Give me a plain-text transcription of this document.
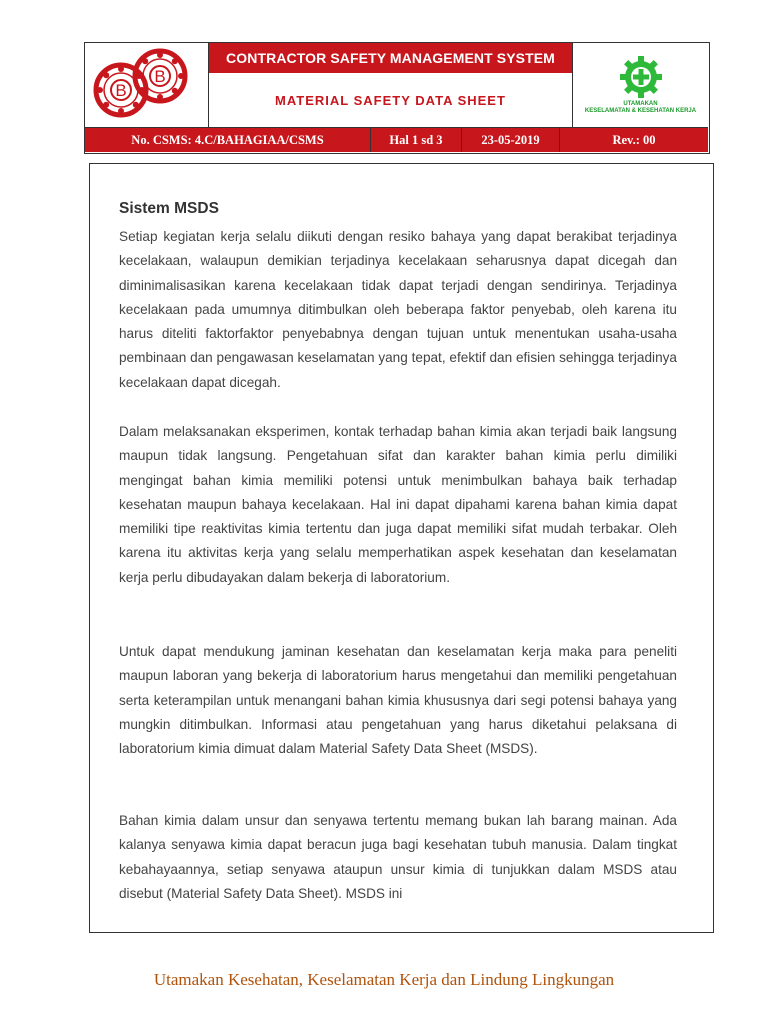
B
B
CONTRACTOR SAFETY MANAGEMENT SYSTEM
MATERIAL SAFETY DATA SHEET	UTAMAKAN
KESELAMATAN & KESEHATAN KERJA
No. CSMS: 4.C/BAHAGIAA/CSMS	Hal 1 sd 3	23-05-2019	Rev.: 00
Sistem MSDS

Setiap kegiatan kerja selalu diikuti dengan resiko bahaya yang dapat berakibat terjadinya kecelakaan, walaupun demikian terjadinya kecelakaan seharusnya dapat dicegah dan diminimalisasikan karena kecelakaan tidak dapat terjadi dengan sendirinya. Terjadinya kecelakaan pada umumnya ditimbulkan oleh beberapa faktor penyebab, oleh karena itu harus diteliti faktorfaktor penyebabnya dengan tujuan untuk menentukan usaha-usaha pembinaan dan pengawasan keselamatan yang tepat, efektif dan efisien sehingga terjadinya kecelakaan dapat dicegah.

Dalam melaksanakan eksperimen, kontak terhadap bahan kimia akan terjadi baik langsung maupun tidak langsung. Pengetahuan sifat dan karakter bahan kimia perlu dimiliki mengingat bahan kimia memiliki potensi untuk menimbulkan bahaya baik terhadap kesehatan maupun bahaya kecelakaan. Hal ini dapat dipahami karena bahan kimia dapat memiliki tipe reaktivitas kimia tertentu dan juga dapat memiliki sifat mudah terbakar. Oleh karena itu aktivitas kerja yang selalu memperhatikan aspek kesehatan dan keselamatan kerja perlu dibudayakan dalam bekerja di laboratorium.

Untuk dapat mendukung jaminan kesehatan dan keselamatan kerja maka para peneliti maupun laboran yang bekerja di laboratorium harus mengetahui dan memiliki pengetahuan serta keterampilan untuk menangani bahan kimia khususnya dari segi potensi bahaya yang mungkin ditimbulkan. Informasi atau pengetahuan yang harus diketahui pelaksana di laboratorium kimia dimuat dalam Material Safety Data Sheet (MSDS).

Bahan kimia dalam unsur dan senyawa tertentu memang bukan lah barang mainan. Ada kalanya senyawa kimia dapat beracun juga bagi kesehatan tubuh manusia. Dalam tingkat kebahayaannya, setiap senyawa ataupun unsur kimia di tunjukkan dalam MSDS atau disebut (Material Safety Data Sheet). MSDS ini

Utamakan Kesehatan, Keselamatan Kerja dan Lindung Lingkungan
